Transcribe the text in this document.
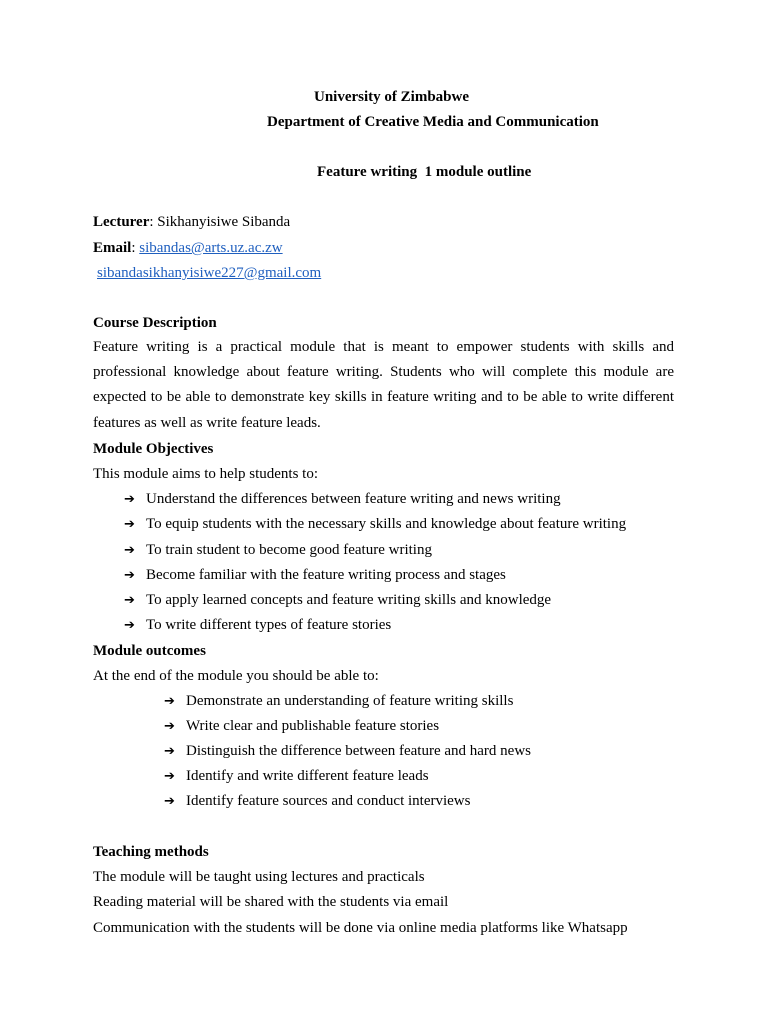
University of Zimbabwe
Department of Creative Media and Communication
Feature writing  1 module outline
Lecturer: Sikhanyisiwe Sibanda
Email: sibandas@arts.uz.ac.zw
sibandasikhanyisiwe227@gmail.com
Course Description
Feature writing is a practical module that is meant to empower students with skills and professional knowledge about feature writing. Students who will complete this module are expected to be able to demonstrate key skills in feature writing and to be able to write different features as well as write feature leads.
Module Objectives
This module aims to help students to:
➔ Understand the differences between feature writing and news writing
➔ To equip students with the necessary skills and knowledge about feature writing
➔ To train student to become good feature writing
➔ Become familiar with the feature writing process and stages
➔ To apply learned concepts and feature writing skills and knowledge
➔ To write different types of feature stories
Module outcomes
At the end of the module you should be able to:
➔ Demonstrate an understanding of feature writing skills
➔ Write clear and publishable feature stories
➔ Distinguish the difference between feature and hard news
➔ Identify and write different feature leads
➔ Identify feature sources and conduct interviews
Teaching methods
The module will be taught using lectures and practicals
Reading material will be shared with the students via email
Communication with the students will be done via online media platforms like Whatsapp
